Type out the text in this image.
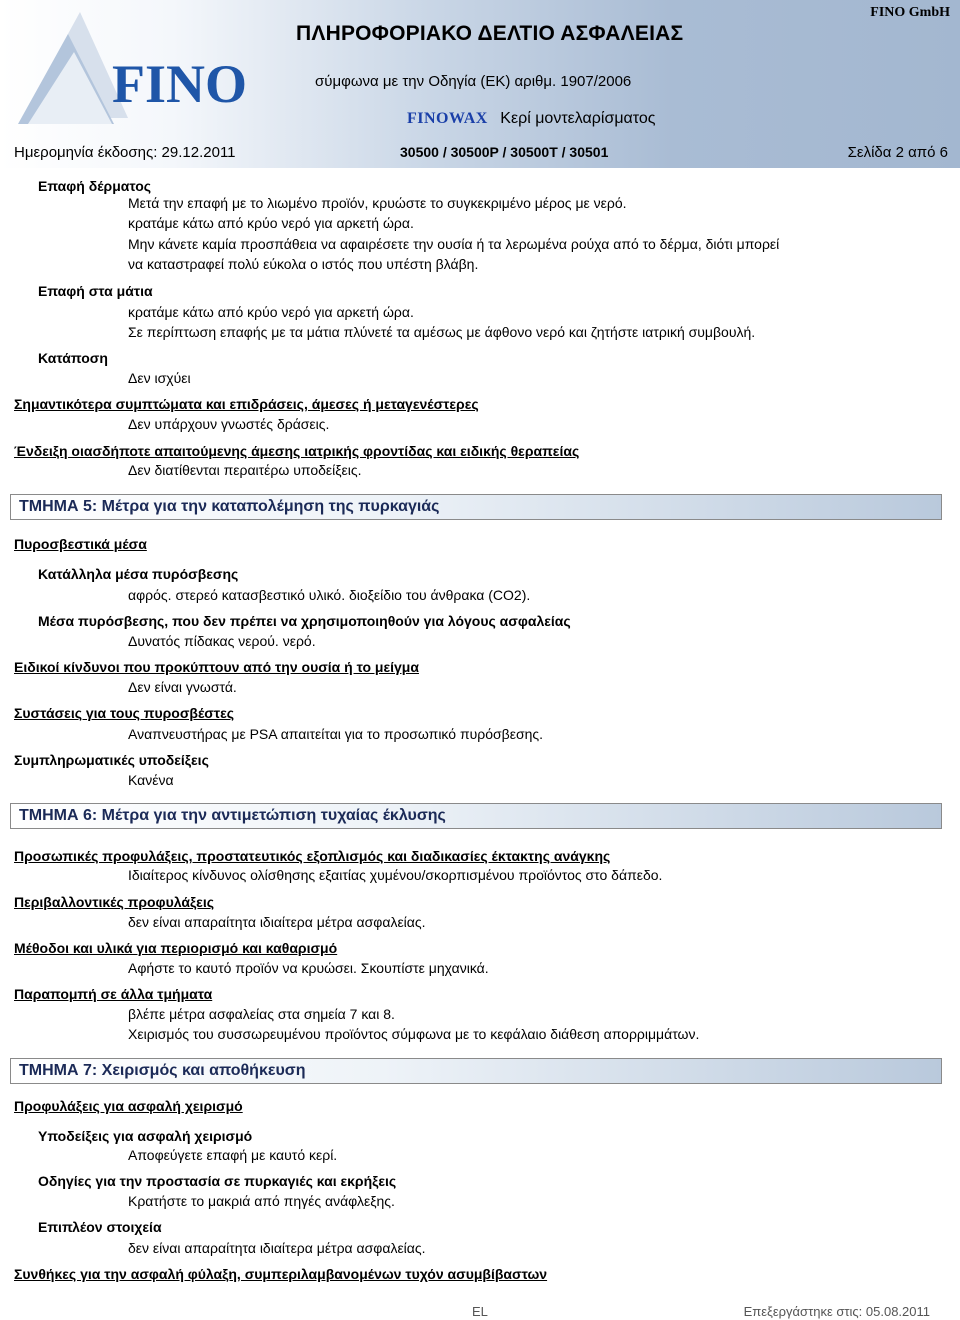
FINO
ΠΛΗΡΟΦΟΡΙΑΚΟ ΔΕΛΤΙΟ ΑΣΦΑΛΕΙΑΣ
FINO GmbH
σύμφωνα με την Οδηγία (ΕΚ) αριθμ. 1907/2006
FINOWAX Κερί μοντελαρίσματος
Ημερομηνία έκδοσης: 29.12.2011	30500 / 30500P / 30500T / 30501	Σελίδα 2 από 6
Επαφή δέρματος
Μετά την επαφή με το λιωμένο προϊόν, κρυώστε το συγκεκριμένο μέρος με νερό.
κρατάμε κάτω από κρύο νερό για αρκετή ώρα.
Μην κάνετε καμία προσπάθεια να αφαιρέσετε την ουσία ή τα λερωμένα ρούχα από το δέρμα, διότι μπορεί
να καταστραφεί πολύ εύκολα ο ιστός που υπέστη βλάβη.
Επαφή στα μάτια
κρατάμε κάτω από κρύο νερό για αρκετή ώρα.
Σε περίπτωση επαφής με τα μάτια πλύνετέ τα αμέσως με άφθονο νερό και ζητήστε ιατρική συμβουλή.
Κατάποση
Δεν ισχύει
Σημαντικότερα συμπτώματα και επιδράσεις, άμεσες ή μεταγενέστερες
Δεν υπάρχουν γνωστές δράσεις.
Ένδειξη οιασδήποτε απαιτούμενης άμεσης ιατρικής φροντίδας και ειδικής θεραπείας
Δεν διατίθενται περαιτέρω υποδείξεις.
ΤΜΗΜΑ 5: Μέτρα για την καταπολέμηση της πυρκαγιάς
Πυροσβεστικά μέσα
Κατάλληλα μέσα πυρόσβεσης
αφρός. στερεό κατασβεστικό υλικό. διοξείδιο του άνθρακα (CO2).
Μέσα πυρόσβεσης, που δεν πρέπει να χρησιμοποιηθούν για λόγους ασφαλείας
Δυνατός πίδακας νερού. νερό.
Ειδικοί κίνδυνοι που προκύπτουν από την ουσία ή το μείγμα
Δεν είναι γνωστά.
Συστάσεις για τους πυροσβέστες
Αναπνευστήρας με PSA απαιτείται για το προσωπικό πυρόσβεσης.
Συμπληρωματικές υποδείξεις
Κανένα
ΤΜΗΜΑ 6: Μέτρα για την αντιμετώπιση τυχαίας έκλυσης
Προσωπικές προφυλάξεις, προστατευτικός εξοπλισμός και διαδικασίες έκτακτης ανάγκης
Ιδιαίτερος κίνδυνος ολίσθησης εξαιτίας χυμένου/σκορπισμένου προϊόντος στο δάπεδο.
Περιβαλλοντικές προφυλάξεις
δεν είναι απαραίτητα ιδιαίτερα μέτρα ασφαλείας.
Μέθοδοι και υλικά για περιορισμό και καθαρισμό
Αφήστε το καυτό προϊόν να κρυώσει. Σκουπίστε μηχανικά.
Παραπομπή σε άλλα τμήματα
βλέπε μέτρα ασφαλείας στα σημεία 7 και 8.
Χειρισμός του συσσωρευμένου προϊόντος σύμφωνα με το κεφάλαιο διάθεση απορριμμάτων.
ΤΜΗΜΑ 7: Χειρισμός και αποθήκευση
Προφυλάξεις για ασφαλή χειρισμό
Υποδείξεις για ασφαλή χειρισμό
Αποφεύγετε επαφή με καυτό κερί.
Οδηγίες για την προστασία σε πυρκαγιές και εκρήξεις
Κρατήστε το μακριά από πηγές ανάφλεξης.
Επιπλέον στοιχεία
δεν είναι απαραίτητα ιδιαίτερα μέτρα ασφαλείας.
Συνθήκες για την ασφαλή φύλαξη, συμπεριλαμβανομένων τυχόν ασυμβίβαστων
EL	Επεξεργάστηκε στις: 05.08.2011
